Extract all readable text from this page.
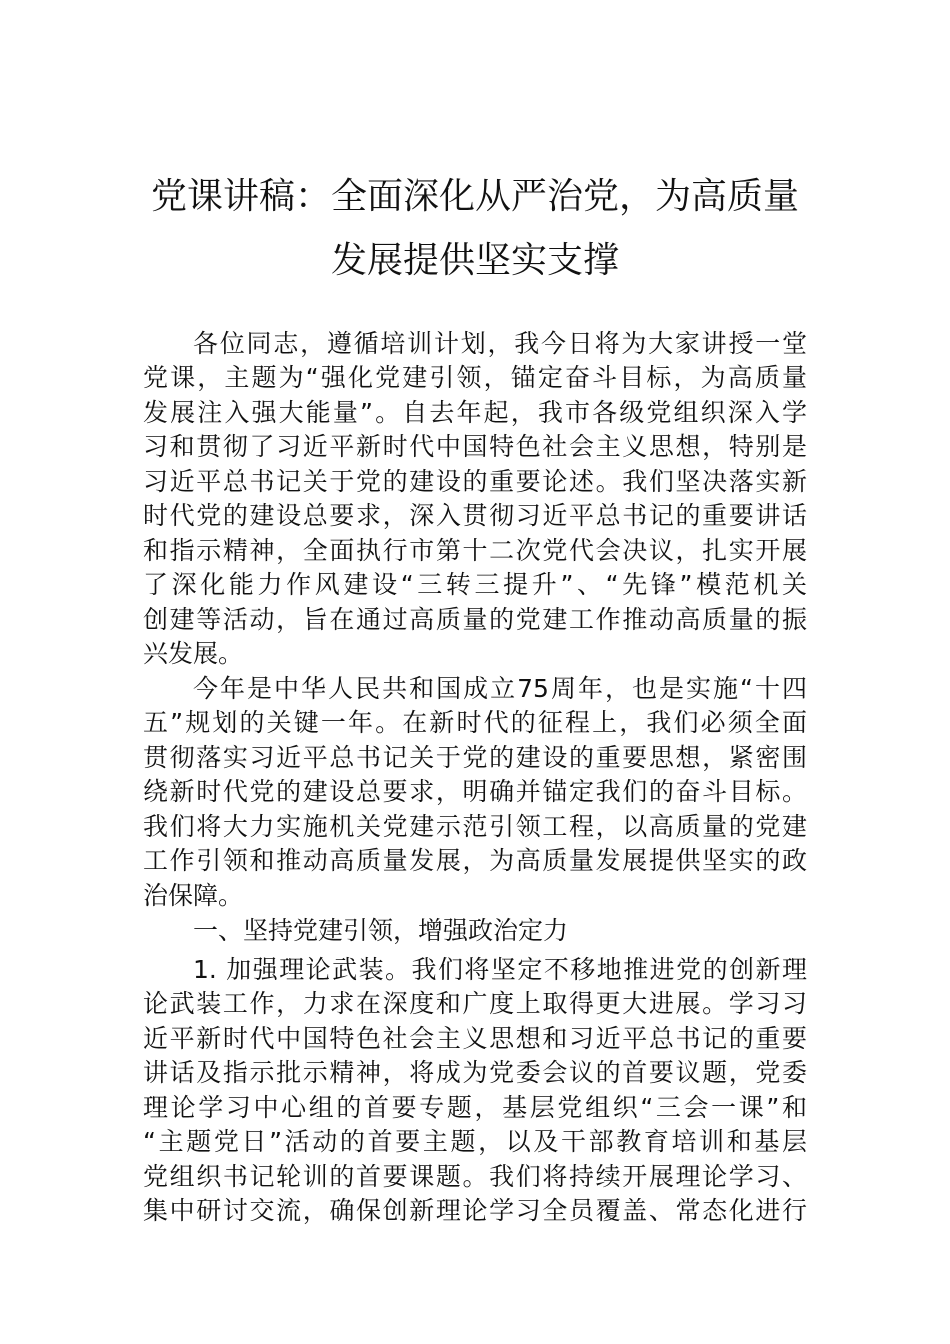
党课讲稿：全面深化从严治党，为高质量
发展提供坚实支撑
各位同志，遵循培训计划，我今日将为大家讲授一堂
党课，主题为“强化党建引领，锚定奋斗目标，为高质量
发展注入强大能量”。自去年起，我市各级党组织深入学
习和贯彻了习近平新时代中国特色社会主义思想，特别是
习近平总书记关于党的建设的重要论述。我们坚决落实新
时代党的建设总要求，深入贯彻习近平总书记的重要讲话
和指示精神，全面执行市第十二次党代会决议，扎实开展
了深化能力作风建设“三转三提升”、“先锋”模范机关
创建等活动，旨在通过高质量的党建工作推动高质量的振
兴发展。
今年是中华人民共和国成立75周年，也是实施“十四
五”规划的关键一年。在新时代的征程上，我们必须全面
贯彻落实习近平总书记关于党的建设的重要思想，紧密围
绕新时代党的建设总要求，明确并锚定我们的奋斗目标。
我们将大力实施机关党建示范引领工程，以高质量的党建
工作引领和推动高质量发展，为高质量发展提供坚实的政
治保障。
一、坚持党建引领，增强政治定力
1. 加强理论武装。我们将坚定不移地推进党的创新理
论武装工作，力求在深度和广度上取得更大进展。学习习
近平新时代中国特色社会主义思想和习近平总书记的重要
讲话及指示批示精神，将成为党委会议的首要议题，党委
理论学习中心组的首要专题，基层党组织“三会一课”和
“主题党日”活动的首要主题，以及干部教育培训和基层
党组织书记轮训的首要课题。我们将持续开展理论学习、
集中研讨交流，确保创新理论学习全员覆盖、常态化进行
